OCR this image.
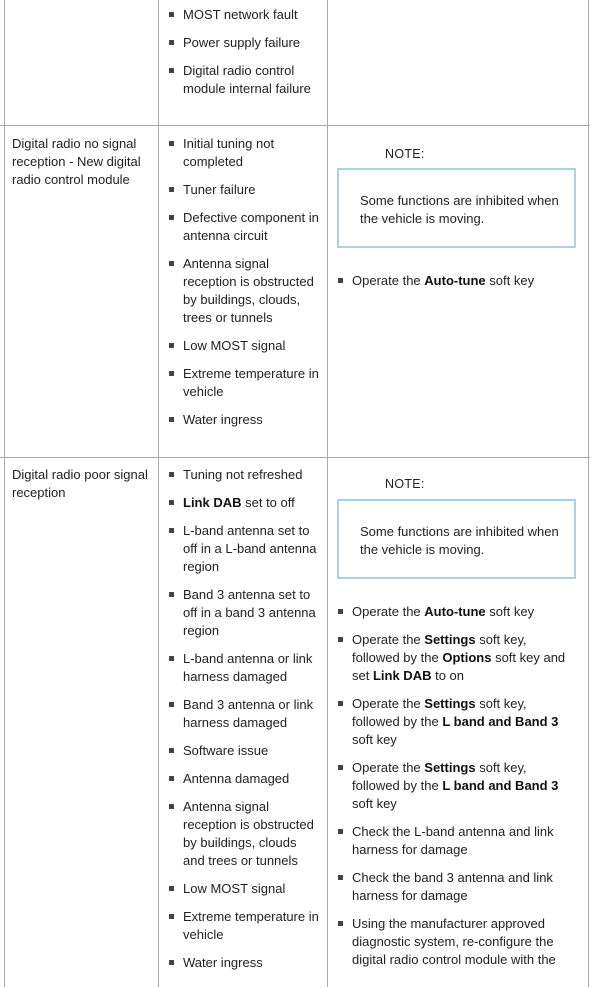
MOST network fault
Power supply failure
Digital radio control module internal failure
Digital radio no signal reception - New digital radio control module
Initial tuning not completed
Tuner failure
Defective component in antenna circuit
Antenna signal reception is obstructed by buildings, clouds, trees or tunnels
Low MOST signal
Extreme temperature in vehicle
Water ingress
NOTE:
Some functions are inhibited when the vehicle is moving.
Operate the Auto-tune soft key
Digital radio poor signal reception
Tuning not refreshed
Link DAB set to off
L-band antenna set to off in a L-band antenna region
Band 3 antenna set to off in a band 3 antenna region
L-band antenna or link harness damaged
Band 3 antenna or link harness damaged
Software issue
Antenna damaged
Antenna signal reception is obstructed by buildings, clouds and trees or tunnels
Low MOST signal
Extreme temperature in vehicle
Water ingress
NOTE:
Some functions are inhibited when the vehicle is moving.
Operate the Auto-tune soft key
Operate the Settings soft key, followed by the Options soft key and set Link DAB to on
Operate the Settings soft key, followed by the L band and Band 3 soft key
Operate the Settings soft key, followed by the L band and Band 3 soft key
Check the L-band antenna and link harness for damage
Check the band 3 antenna and link harness for damage
Using the manufacturer approved diagnostic system, re-configure the digital radio control module with the
